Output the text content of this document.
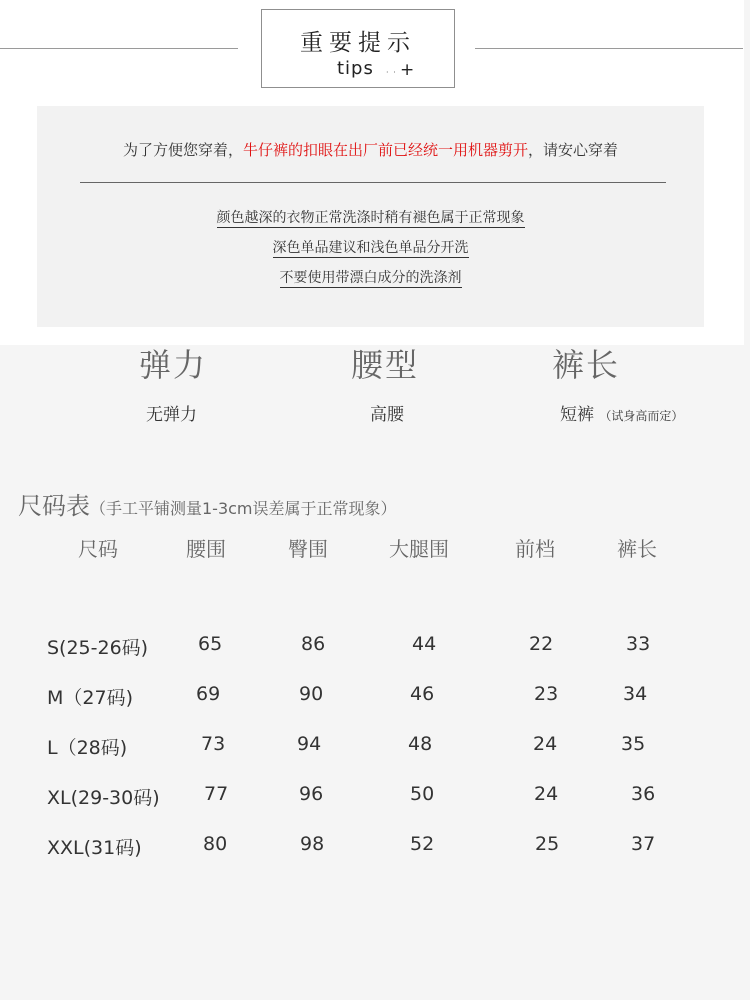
重要提示
tips · · +
为了方便您穿着，牛仔裤的扣眼在出厂前已经统一用机器剪开，请安心穿着
颜色越深的衣物正常洗涤时稍有褪色属于正常现象
深色单品建议和浅色单品分开洗
不要使用带漂白成分的洗涤剂
弹力	腰型	裤长
无弹力	高腰	短裤 （试身高而定）
尺码表（手工平铺测量1-3cm误差属于正常现象）
尺码	腰围	臀围	大腿围	前档	裤长
S(25-26码)	65	86	44	22	33
M（27码)	69	90	46	23	34
L（28码)	73	94	48	24	35
XL(29-30码) 77	96	50	24	36
XXL(31码)	80	98	52	25	37
